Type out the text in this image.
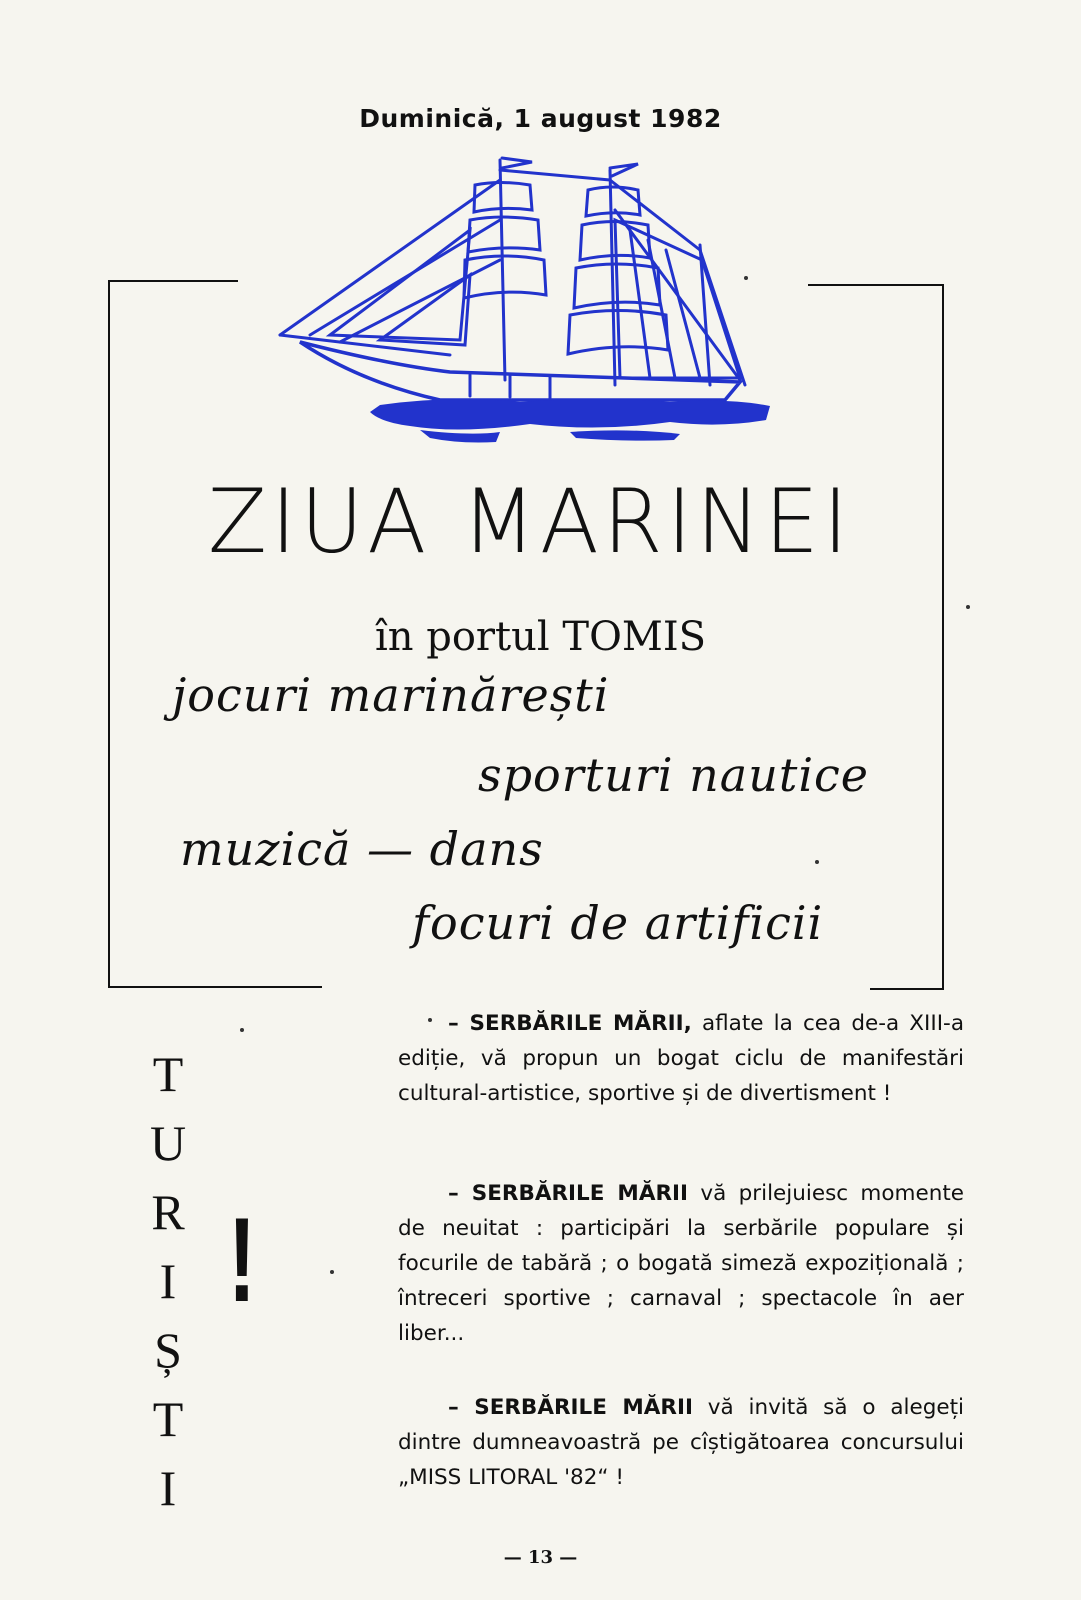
Duminică, 1 august 1982
ZIUA MARINEI
în portul TOMIS
jocuri marinărești
sporturi nautice
muzică — dans
focuri de artificii
T
U
R
I
Ș
T
I
!
– SERBĂRILE MĂRII, aflate la cea de-a XIII-a ediție, vă propun un bogat ciclu de manifestări cultural-artistice, sportive și de divertisment !
– SERBĂRILE MĂRII vă prilejuiesc momente de neuitat : participări la serbările populare și focurile de tabără ; o bogată simeză expozițională ; întreceri sportive ; carnaval ; spectacole în aer liber...
– SERBĂRILE MĂRII vă invită să o alegeți dintre dumneavoastră pe cîștigătoarea concursului „MISS LITORAL '82“ !
— 13 —
